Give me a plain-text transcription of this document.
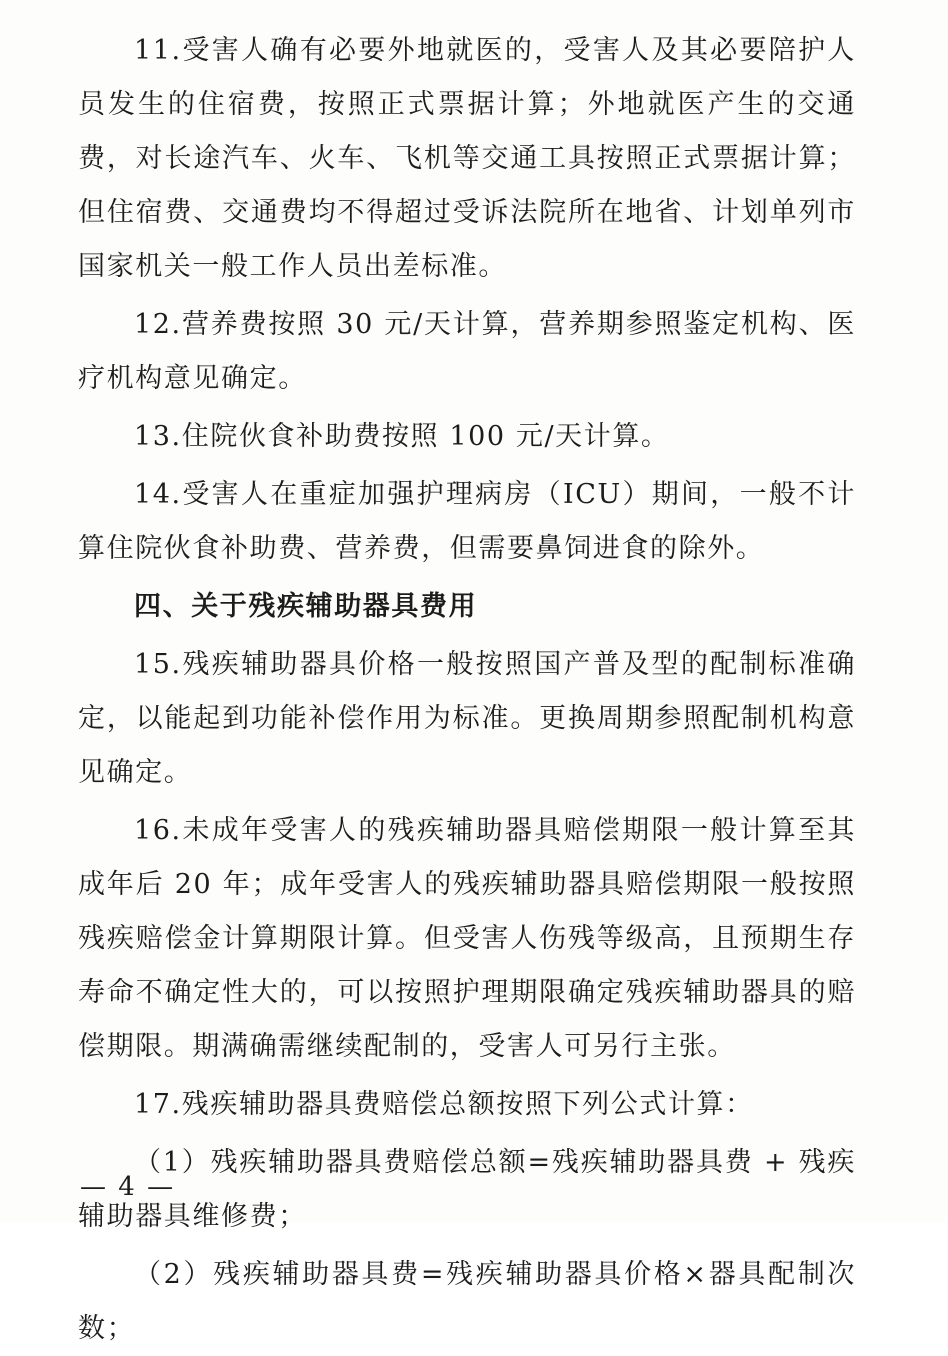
11.受害人确有必要外地就医的，受害人及其必要陪护人员发生的住宿费，按照正式票据计算；外地就医产生的交通费，对长途汽车、火车、飞机等交通工具按照正式票据计算；但住宿费、交通费均不得超过受诉法院所在地省、计划单列市国家机关一般工作人员出差标准。

12.营养费按照 30 元/天计算，营养期参照鉴定机构、医疗机构意见确定。

13.住院伙食补助费按照 100 元/天计算。

14.受害人在重症加强护理病房（ICU）期间，一般不计算住院伙食补助费、营养费，但需要鼻饲进食的除外。

四、关于残疾辅助器具费用

15.残疾辅助器具价格一般按照国产普及型的配制标准确定，以能起到功能补偿作用为标准。更换周期参照配制机构意见确定。

16.未成年受害人的残疾辅助器具赔偿期限一般计算至其成年后 20 年；成年受害人的残疾辅助器具赔偿期限一般按照残疾赔偿金计算期限计算。但受害人伤残等级高，且预期生存寿命不确定性大的，可以按照护理期限确定残疾辅助器具的赔偿期限。期满确需继续配制的，受害人可另行主张。

17.残疾辅助器具费赔偿总额按照下列公式计算：

（1）残疾辅助器具费赔偿总额=残疾辅助器具费 + 残疾辅助器具维修费；

（2）残疾辅助器具费=残疾辅助器具价格×器具配制次数；

— 4 —
